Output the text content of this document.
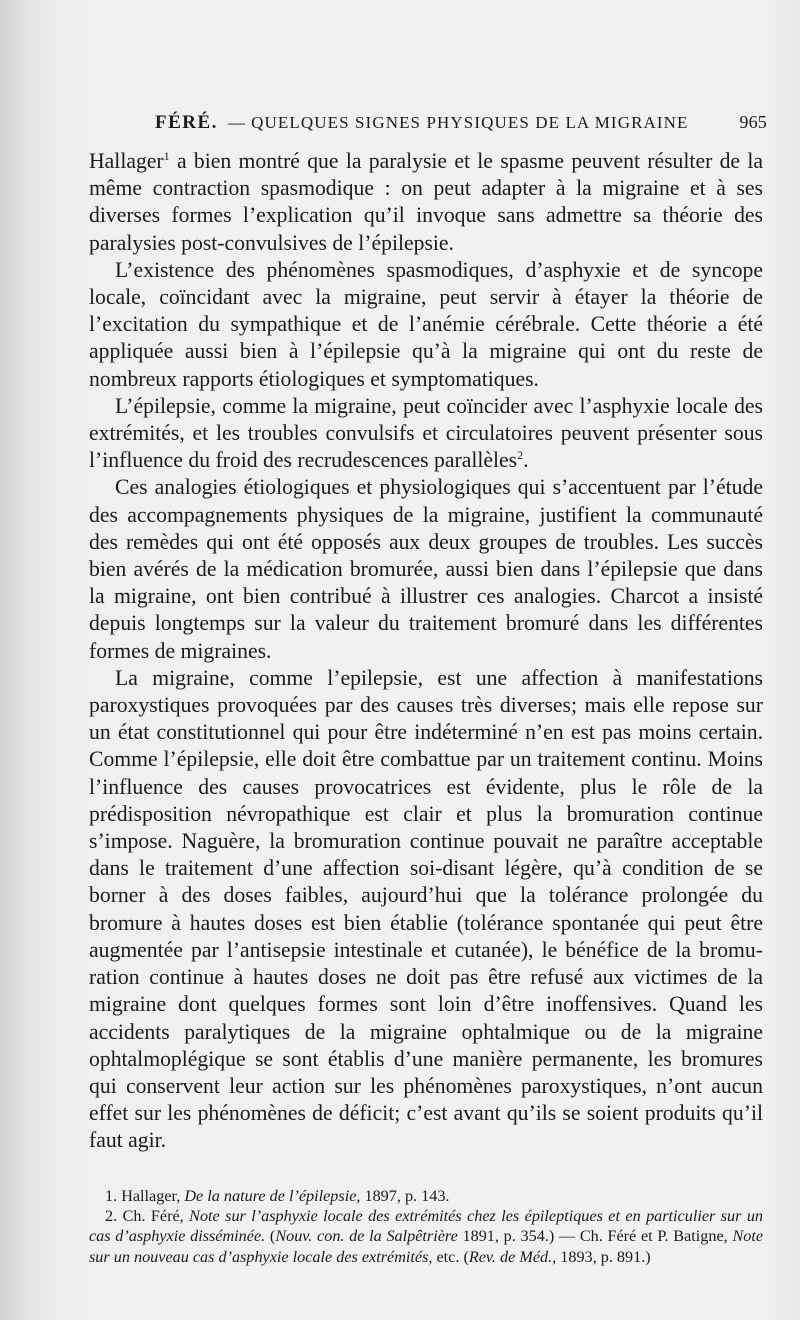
FÉRÉ. — QUELQUES SIGNES PHYSIQUES DE LA MIGRAINE	965

Hallager$^1$ a bien montré que la paralysie et le spasme peuvent résulter de la même contraction spasmodique : on peut adapter à la migraine et à ses diverses formes l’explication qu’il invoque sans admettre sa théorie des paralysies post-convulsives de l’épilepsie.

L’existence des phénomènes spasmodiques, d’asphyxie et de syncope locale, coïncidant avec la migraine, peut servir à étayer la théorie de l’excitation du sympathique et de l’anémie cérébrale. Cette théorie a été appliquée aussi bien à l’épilepsie qu’à la migraine qui ont du reste de nombreux rapports étiologiques et symptomatiques.

L’épilepsie, comme la migraine, peut coïncider avec l’asphyxie locale des extrémités, et les troubles convulsifs et circulatoires peuvent présenter sous l’influence du froid des recrudescences parallèles$^2$.

Ces analogies étiologiques et physiologiques qui s’accentuent par l’étude des accompagnements physiques de la migraine, justifient la communauté des remèdes qui ont été opposés aux deux groupes de troubles. Les succès bien avérés de la médication bromurée, aussi bien dans l’épilepsie que dans la migraine, ont bien contribué à illustrer ces analogies. Charcot a insisté depuis longtemps sur la valeur du traitement bromuré dans les différentes formes de migraines.

La migraine, comme l’epilepsie, est une affection à manifestations paroxystiques provoquées par des causes très diverses; mais elle repose sur un état constitutionnel qui pour être indéterminé n’en est pas moins certain. Comme l’épilepsie, elle doit être combattue par un traitement continu. Moins l’influence des causes provocatrices est évidente, plus le rôle de la prédisposition névropathique est clair et plus la bromuration continue s’impose. Naguère, la bromuration continue pouvait ne paraître acceptable dans le traitement d’une affection soi-disant légère, qu’à condition de se borner à des doses faibles, aujourd’hui que la tolérance prolongée du bromure à hautes doses est bien établie (tolérance spontanée qui peut être augmentée par l’antisepsie intestinale et cutanée), le bénéfice de la bromuration continue à hautes doses ne doit pas être refusé aux victimes de la migraine dont quelques formes sont loin d’être inoffensives. Quand les accidents paralytiques de la migraine ophtalmique ou de la migraine ophtalmoplégique se sont établis d’une manière permanente, les bromures qui conservent leur action sur les phénomènes paroxystiques, n’ont aucun effet sur les phénomènes de déficit; c’est avant qu’ils se soient produits qu’il faut agir.

1. Hallager, De la nature de l’épilepsie, 1897, p. 143.

2. Ch. Féré, Note sur l’asphyxie locale des extrémités chez les épileptiques et en particulier sur un cas d’asphyxie disséminée. (Nouv. con. de la Salpêtrière 1891, p. 354.) — Ch. Féré et P. Batigne, Note sur un nouveau cas d’asphyxie locale des extrémités, etc. (Rev. de Méd., 1893, p. 891.)
